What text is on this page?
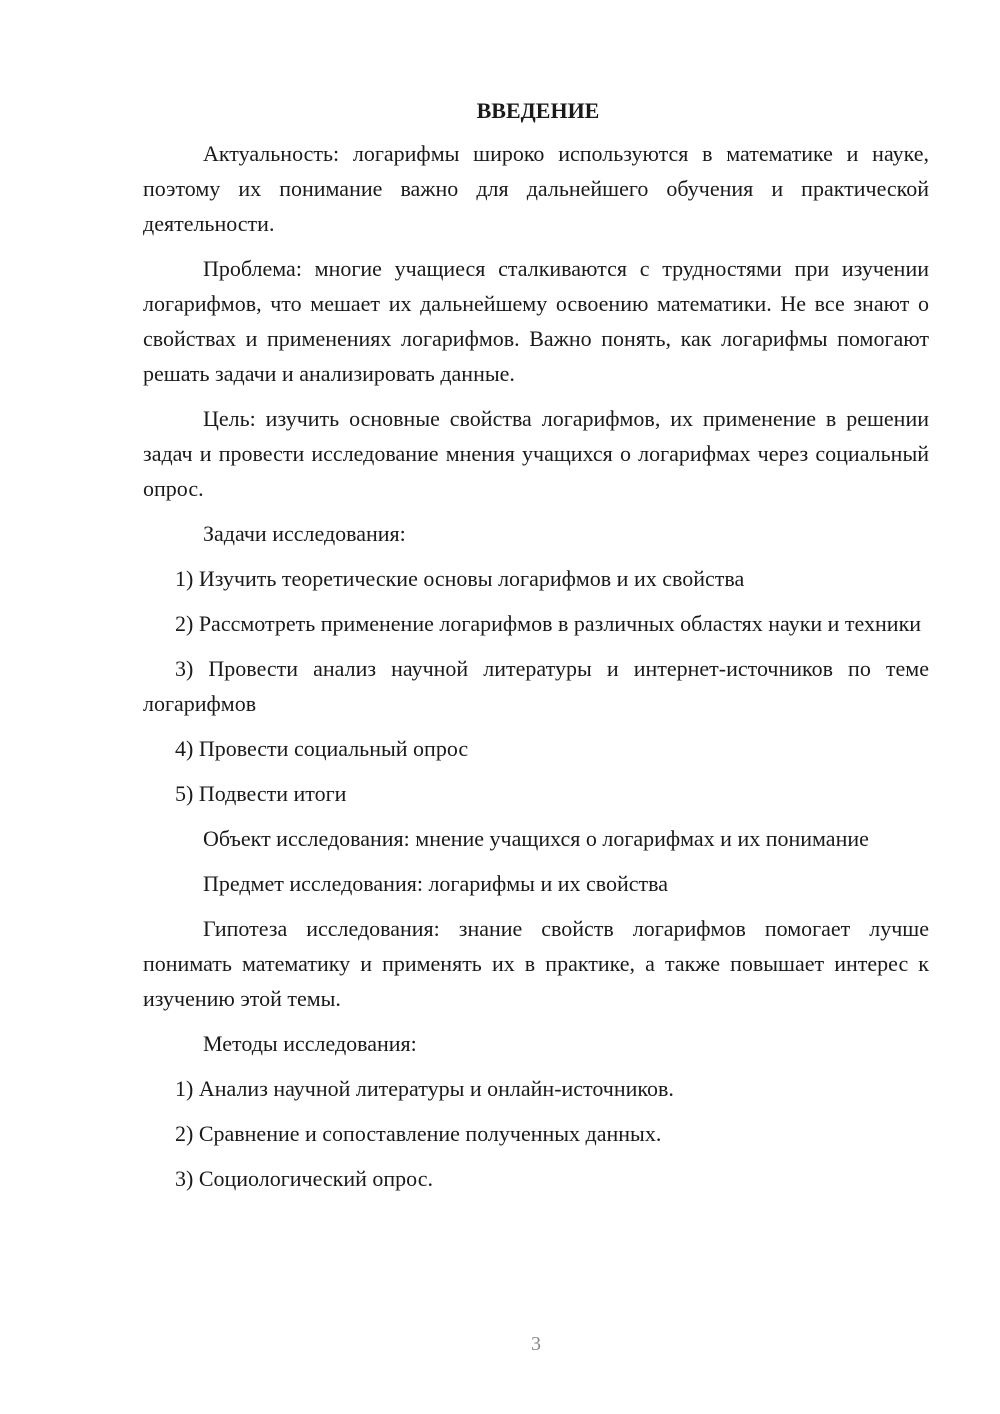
ВВЕДЕНИЕ

Актуальность: логарифмы широко используются в математике и науке, поэтому их понимание важно для дальнейшего обучения и практической деятельности.

Проблема: многие учащиеся сталкиваются с трудностями при изучении логарифмов, что мешает их дальнейшему освоению математики. Не все знают о свойствах и применениях логарифмов. Важно понять, как логарифмы помогают решать задачи и анализировать данные.

Цель: изучить основные свойства логарифмов, их применение в решении задач и провести исследование мнения учащихся о логарифмах через социальный опрос.

Задачи исследования:

1) Изучить теоретические основы логарифмов и их свойства

2) Рассмотреть применение логарифмов в различных областях науки и техники

3) Провести анализ научной литературы и интернет-источников по теме логарифмов

4) Провести социальный опрос

5) Подвести итоги

Объект исследования: мнение учащихся о логарифмах и их понимание

Предмет исследования: логарифмы и их свойства

Гипотеза исследования: знание свойств логарифмов помогает лучше понимать математику и применять их в практике, а также повышает интерес к изучению этой темы.

Методы исследования:

1) Анализ научной литературы и онлайн-источников.

2) Сравнение и сопоставление полученных данных.

3) Социологический опрос.

3
